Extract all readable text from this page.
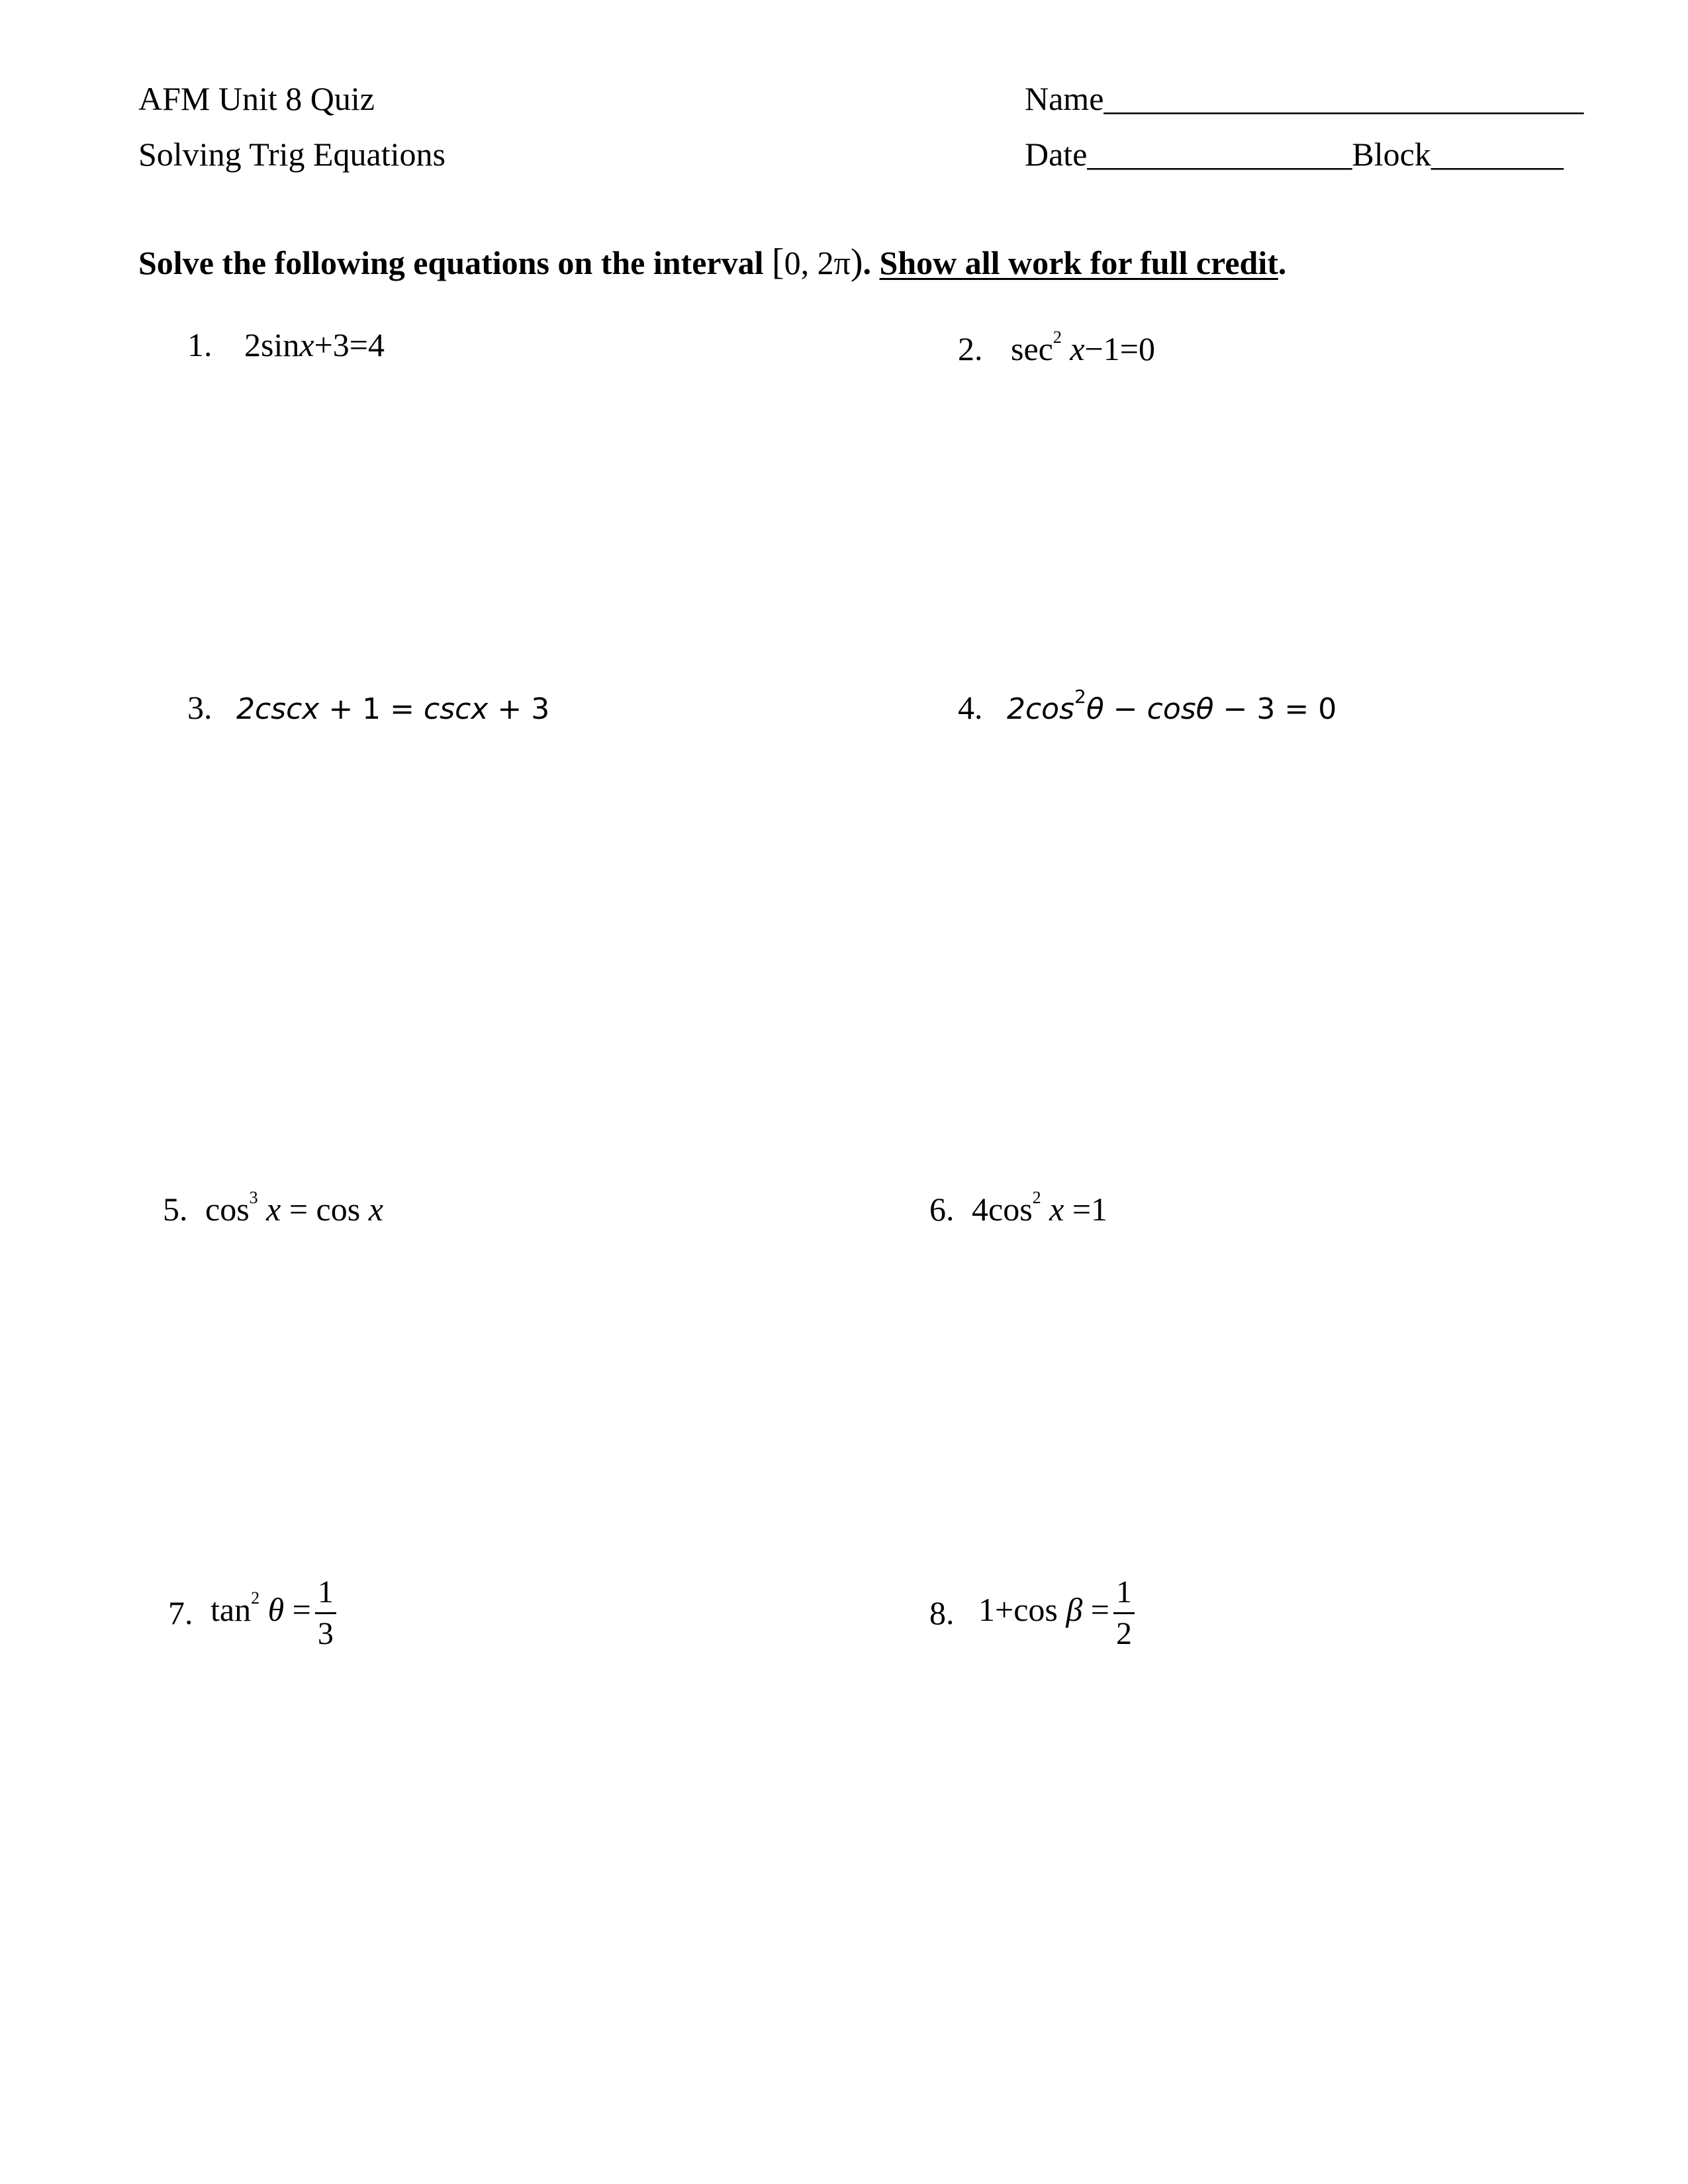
AFM Unit 8 Quiz
Solving Trig Equations
Name_____________________________
Date________________Block________
Solve the following equations on the interval [0, 2π). Show all work for full credit.
1. 2sinx+3=4	2. $\sec^2 x-1=0$
3. 2cscx + 1 = cscx + 3	4. $2\cos^2\theta - \cos\theta - 3 = 0$
5. $\cos^3 x = \cos x$	6. $4\cos^2$ x =1
7. $\tan^2 \theta = \frac{1}{3}$	8. 1+cos $\beta = \frac{1}{2}$
